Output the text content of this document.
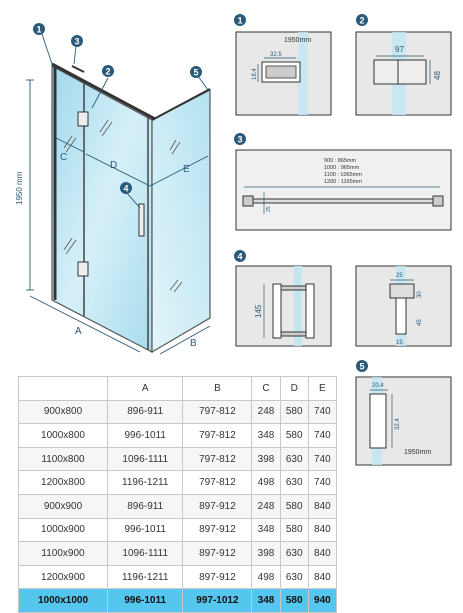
1950 mm
A
B
C
D	E
1
3
2	5
4
1
1950mm
32.5
18.4
2
97
48
3
900 : 865mm
1000 : 965mm
1100 : 1065mm
1200 : 1165mm
25
4
145
25
30
45
15
5
20.4
32.4
1950mm
	A	B	C	D	E
900x800	896-911	797-812	248	580	740
1000x800	996-1011	797-812	348	580	740
1100x800	1096-1111	797-812	398	630	740
1200x800	1196-1211	797-812	498	630	740
900x900	896-911	897-912	248	580	840
1000x900	996-1011	897-912	348	580	840
1100x900	1096-1111	897-912	398	630	840
1200x900	1196-1211	897-912	498	630	840
1000x1000	996-1011	997-1012	348	580	940
